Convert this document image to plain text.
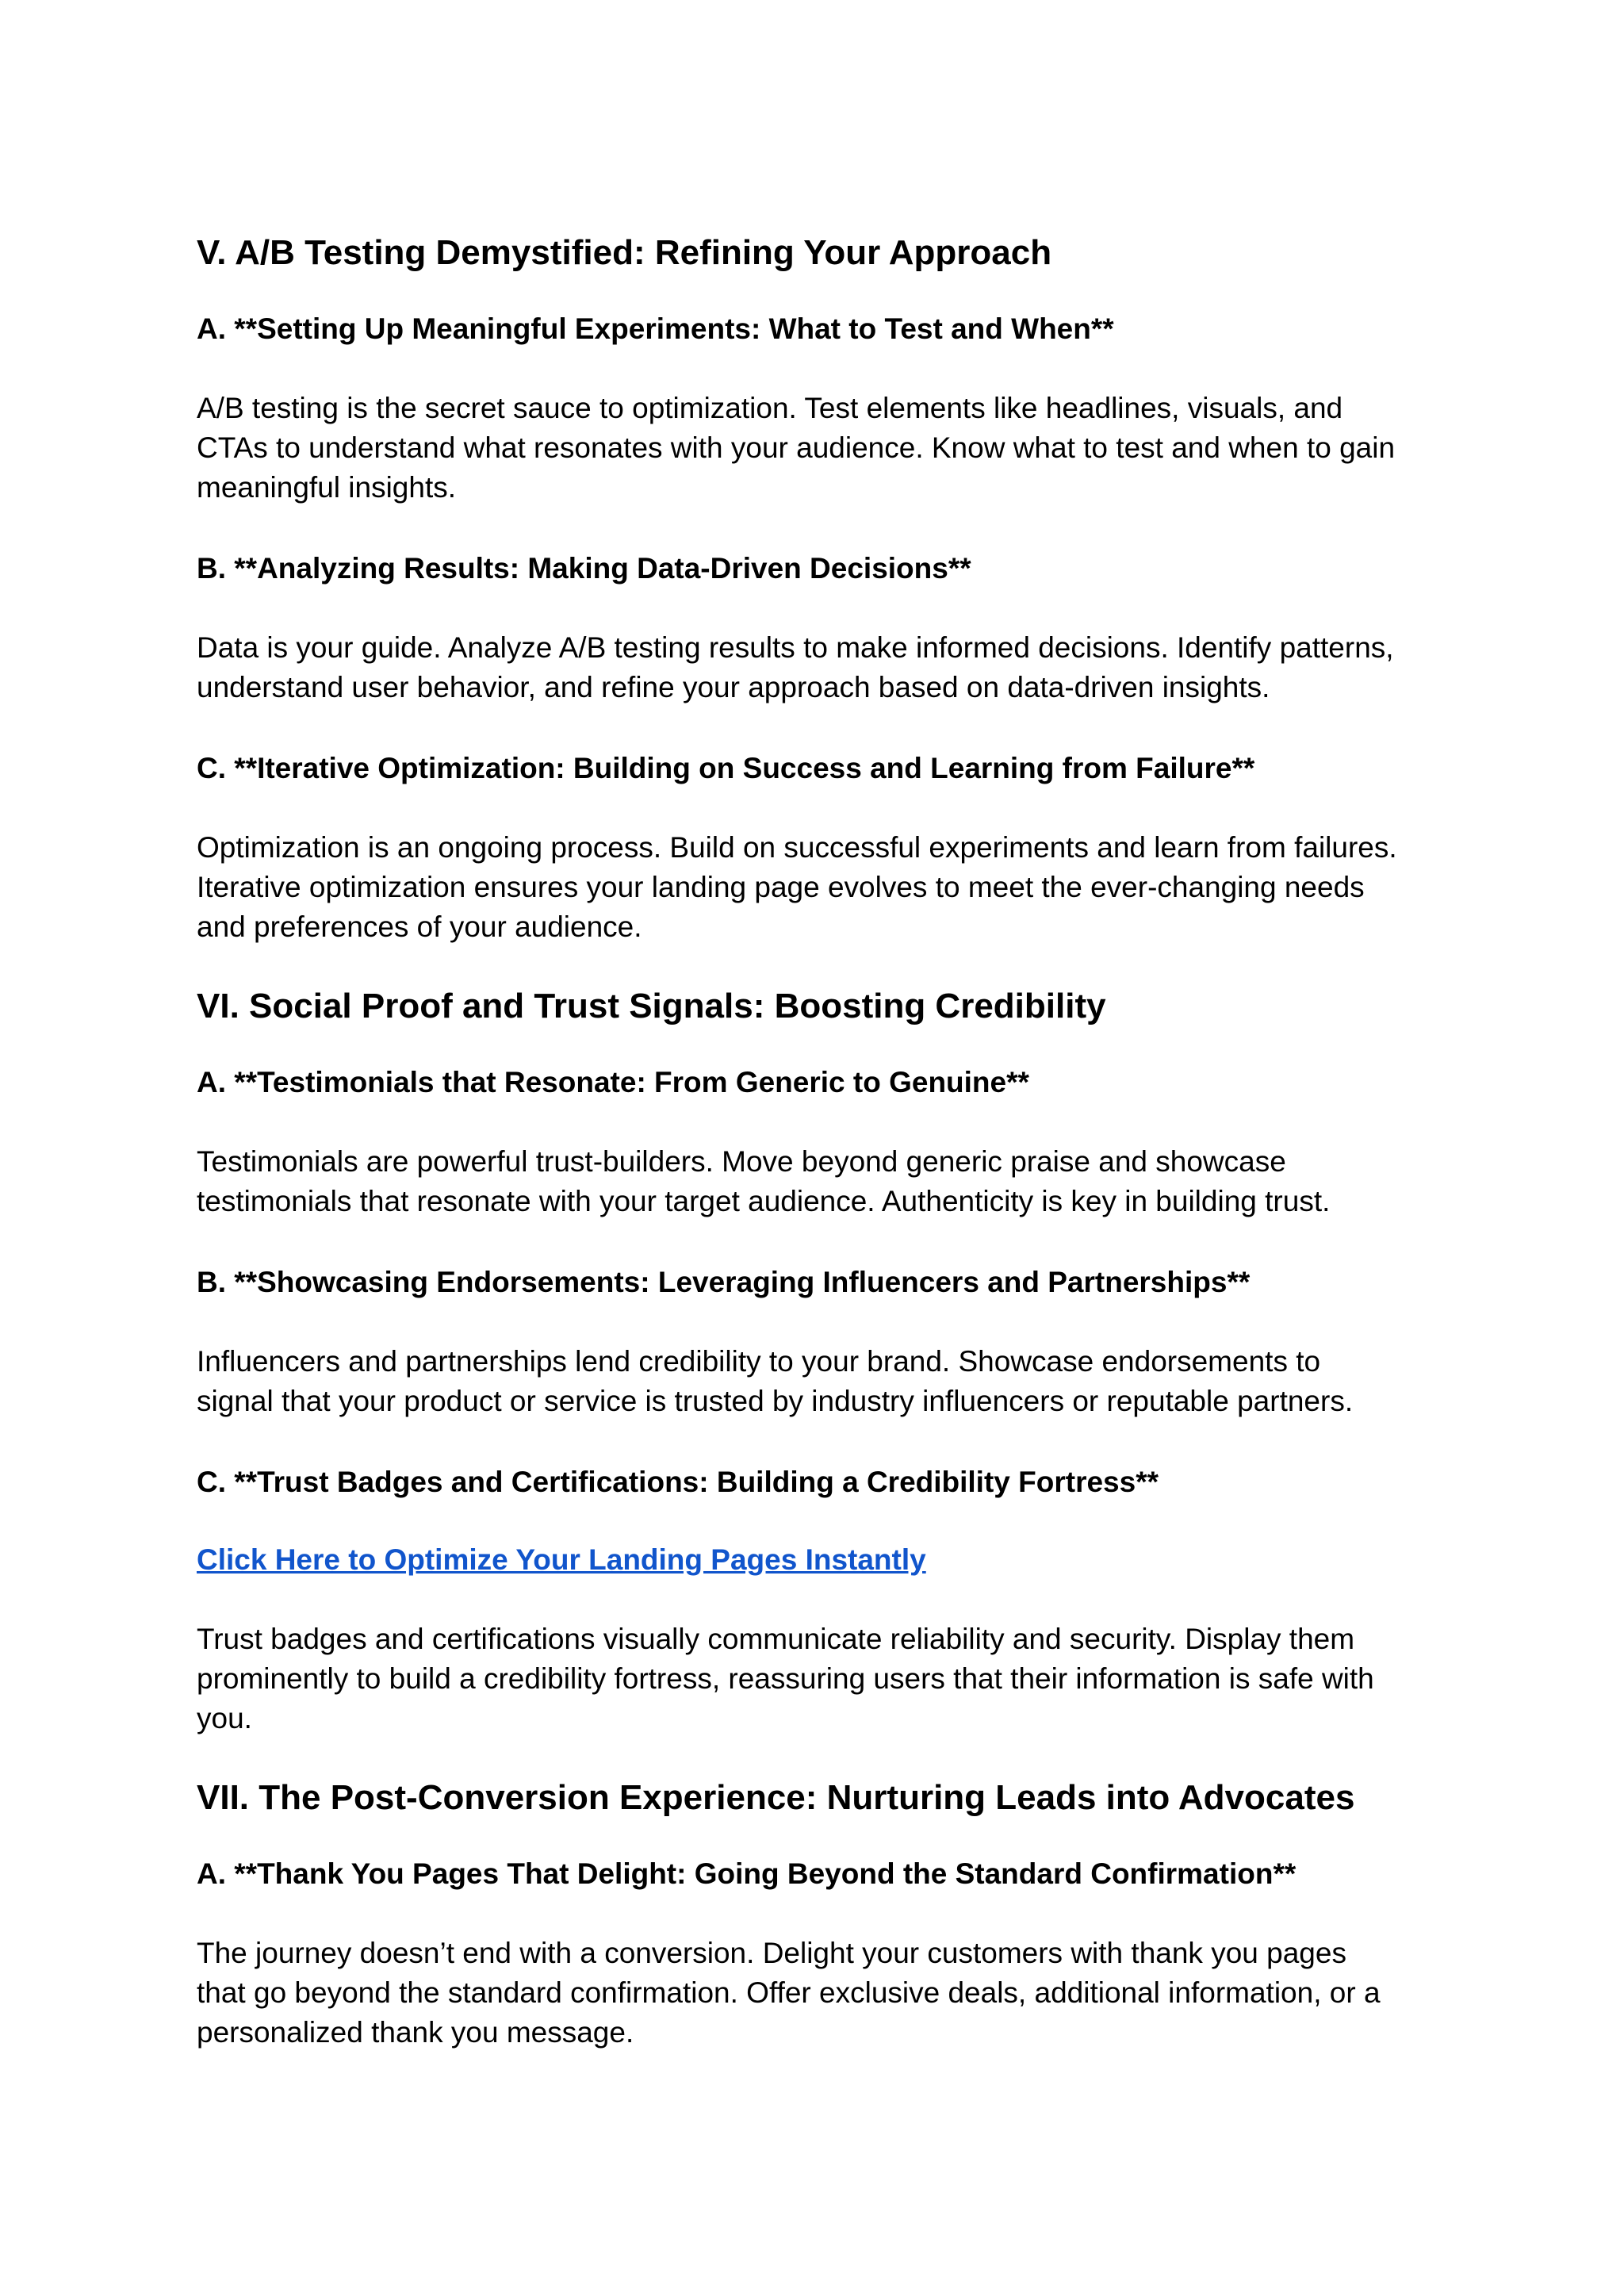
V. A/B Testing Demystified: Refining Your Approach
A. **Setting Up Meaningful Experiments: What to Test and When**

A/B testing is the secret sauce to optimization. Test elements like headlines, visuals, and
CTAs to understand what resonates with your audience. Know what to test and when to gain
meaningful insights.

B. **Analyzing Results: Making Data-Driven Decisions**

Data is your guide. Analyze A/B testing results to make informed decisions. Identify patterns,
understand user behavior, and refine your approach based on data-driven insights.

C. **Iterative Optimization: Building on Success and Learning from Failure**

Optimization is an ongoing process. Build on successful experiments and learn from failures.
Iterative optimization ensures your landing page evolves to meet the ever-changing needs
and preferences of your audience.

VI. Social Proof and Trust Signals: Boosting Credibility
A. **Testimonials that Resonate: From Generic to Genuine**

Testimonials are powerful trust-builders. Move beyond generic praise and showcase
testimonials that resonate with your target audience. Authenticity is key in building trust.

B. **Showcasing Endorsements: Leveraging Influencers and Partnerships**

Influencers and partnerships lend credibility to your brand. Showcase endorsements to
signal that your product or service is trusted by industry influencers or reputable partners.

C. **Trust Badges and Certifications: Building a Credibility Fortress**
Click Here to Optimize Your Landing Pages Instantly

Trust badges and certifications visually communicate reliability and security. Display them
prominently to build a credibility fortress, reassuring users that their information is safe with
you.

VII. The Post-Conversion Experience: Nurturing Leads into Advocates
A. **Thank You Pages That Delight: Going Beyond the Standard Confirmation**

The journey doesn’t end with a conversion. Delight your customers with thank you pages
that go beyond the standard confirmation. Offer exclusive deals, additional information, or a
personalized thank you message.
